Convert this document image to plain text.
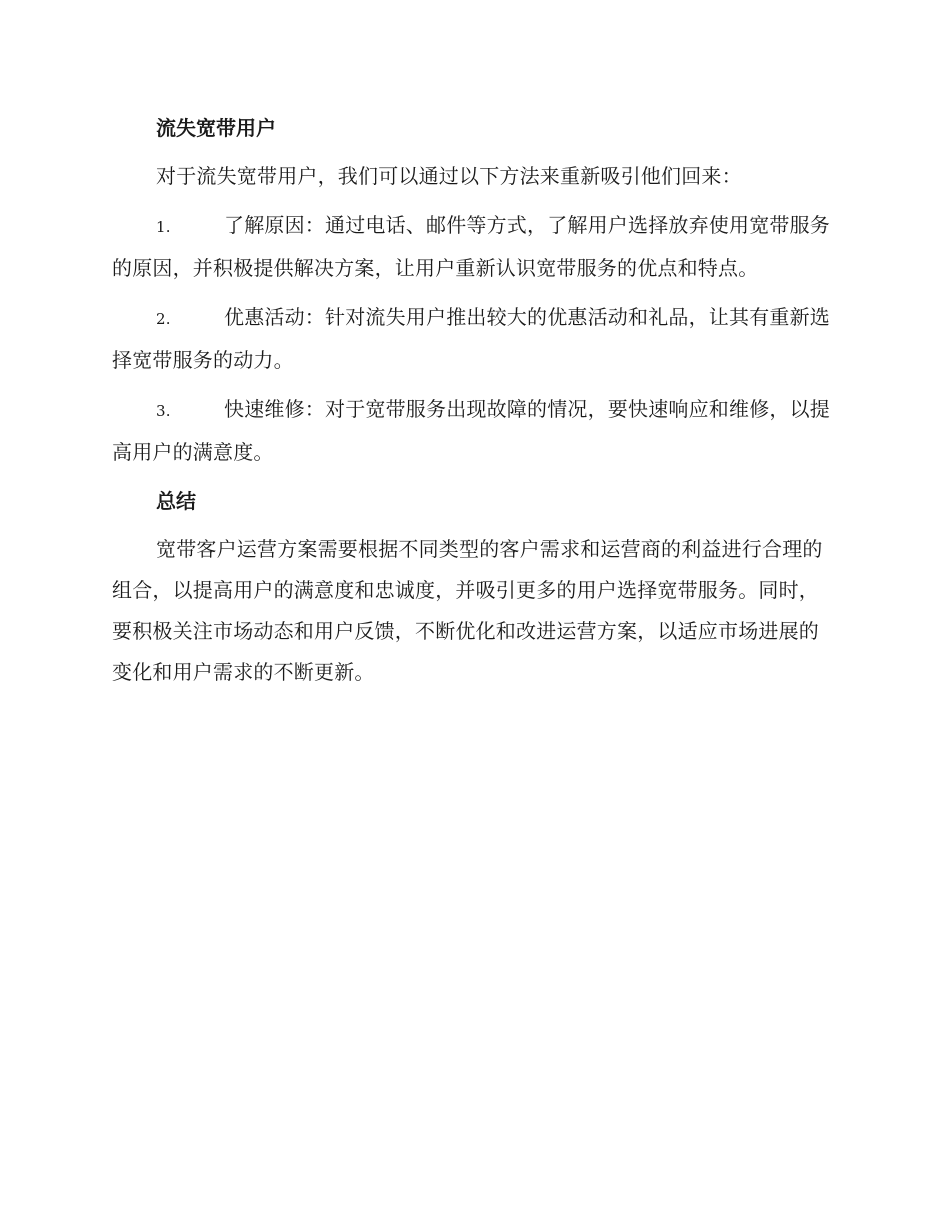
流失宽带用户

对于流失宽带用户，我们可以通过以下方法来重新吸引他们回来：

1.	了解原因：通过电话、邮件等方式，了解用户选择放弃使用宽带服务的原因，并积极提供解决方案，让用户重新认识宽带服务的优点和特点。

2.	优惠活动：针对流失用户推出较大的优惠活动和礼品，让其有重新选择宽带服务的动力。

3.	快速维修：对于宽带服务出现故障的情况，要快速响应和维修，以提高用户的满意度。

总结

宽带客户运营方案需要根据不同类型的客户需求和运营商的利益进行合理的组合，以提高用户的满意度和忠诚度，并吸引更多的用户选择宽带服务。同时，要积极关注市场动态和用户反馈，不断优化和改进运营方案，以适应市场进展的变化和用户需求的不断更新。
